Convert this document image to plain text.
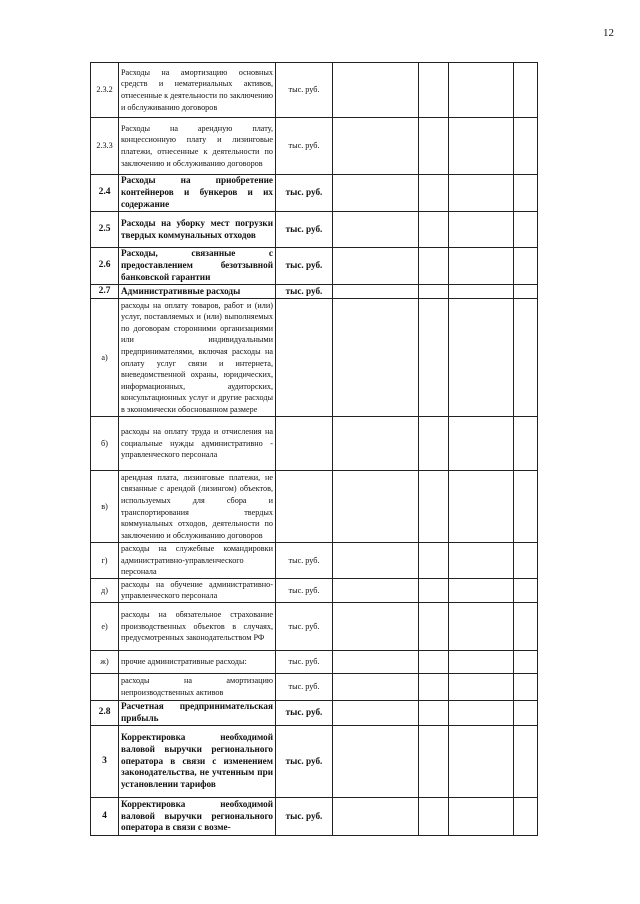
12
2.3.2	Расходы на амортизацию основных средств и нематериальных активов, отнесенные к деятельности по заключению и обслуживанию договоров	тыс. руб.				
2.3.3	Расходы на арендную плату, концессионную плату и лизинговые платежи, отнесенные к деятельности по заключению и обслуживанию договоров	тыс. руб.				
2.4	Расходы на приобретение контейнеров и бункеров и их содержание	тыс. руб.				
2.5	Расходы на уборку мест погрузки твердых коммунальных отходов	тыс. руб.				
2.6	Расходы, связанные с предоставлением безотзывной банковской гарантии	тыс. руб.				
2.7	Административные расходы	тыс. руб.				
а)	расходы на оплату товаров, работ и (или) услуг, поставляемых и (или) выполняемых по договорам сторонними организациями или индивидуальными предпринимателями, включая расходы на оплату услуг связи и интернета, вневедомственной охраны, юридических, информационных, аудиторских, консультационных услуг и другие расходы в экономически обоснованном размере					
б)	расходы на оплату труда и отчисления на социальные нужды административно - управленческого персонала					
в)	арендная плата, лизинговые платежи, не связанные с арендой (лизингом) объектов, используемых для сбора и транспортирования твердых коммунальных отходов, деятельности по заключению и обслуживанию договоров					
г)	расходы на служебные командировки административно-управленческого персонала	тыс. руб.				
д)	расходы на обучение административно-управленческого персонала	тыс. руб.				
е)	расходы на обязательное страхование производственных объектов в случаях, предусмотренных законодательством РФ	тыс. руб.				
ж)	прочие административные расходы:	тыс. руб.				
	расходы на амортизацию непроизводственных активов	тыс. руб.				
2.8	Расчетная предпринимательская прибыль	тыс. руб.				
3	Корректировка необходимой валовой выручки регионального оператора в связи с изменением законодательства, не учтенным при установлении тарифов	тыс. руб.				
4	Корректировка необходимой валовой выручки регионального оператора в связи с возме-	тыс. руб.				
